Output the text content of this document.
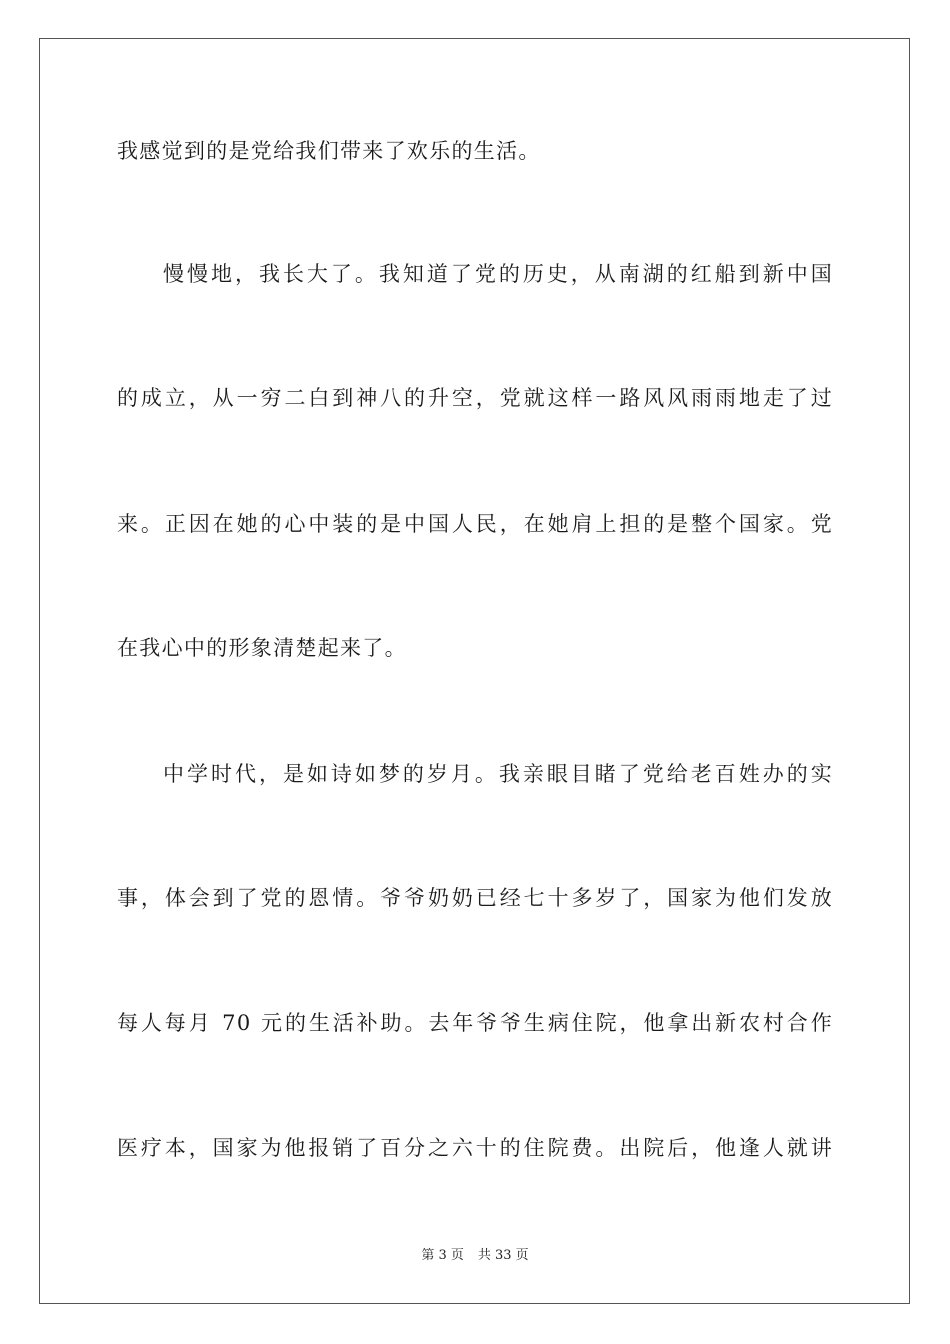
我感觉到的是党给我们带来了欢乐的生活。
慢慢地，我长大了。我知道了党的历史，从南湖的红船到新中国
的成立，从一穷二白到神八的升空，党就这样一路风风雨雨地走了过
来。正因在她的心中装的是中国人民，在她肩上担的是整个国家。党
在我心中的形象清楚起来了。
中学时代，是如诗如梦的岁月。我亲眼目睹了党给老百姓办的实
事，体会到了党的恩情。爷爷奶奶已经七十多岁了，国家为他们发放
每人每月 70 元的生活补助。去年爷爷生病住院，他拿出新农村合作
医疗本，国家为他报销了百分之六十的住院费。出院后，他逢人就讲
第 3 页 共 33 页
